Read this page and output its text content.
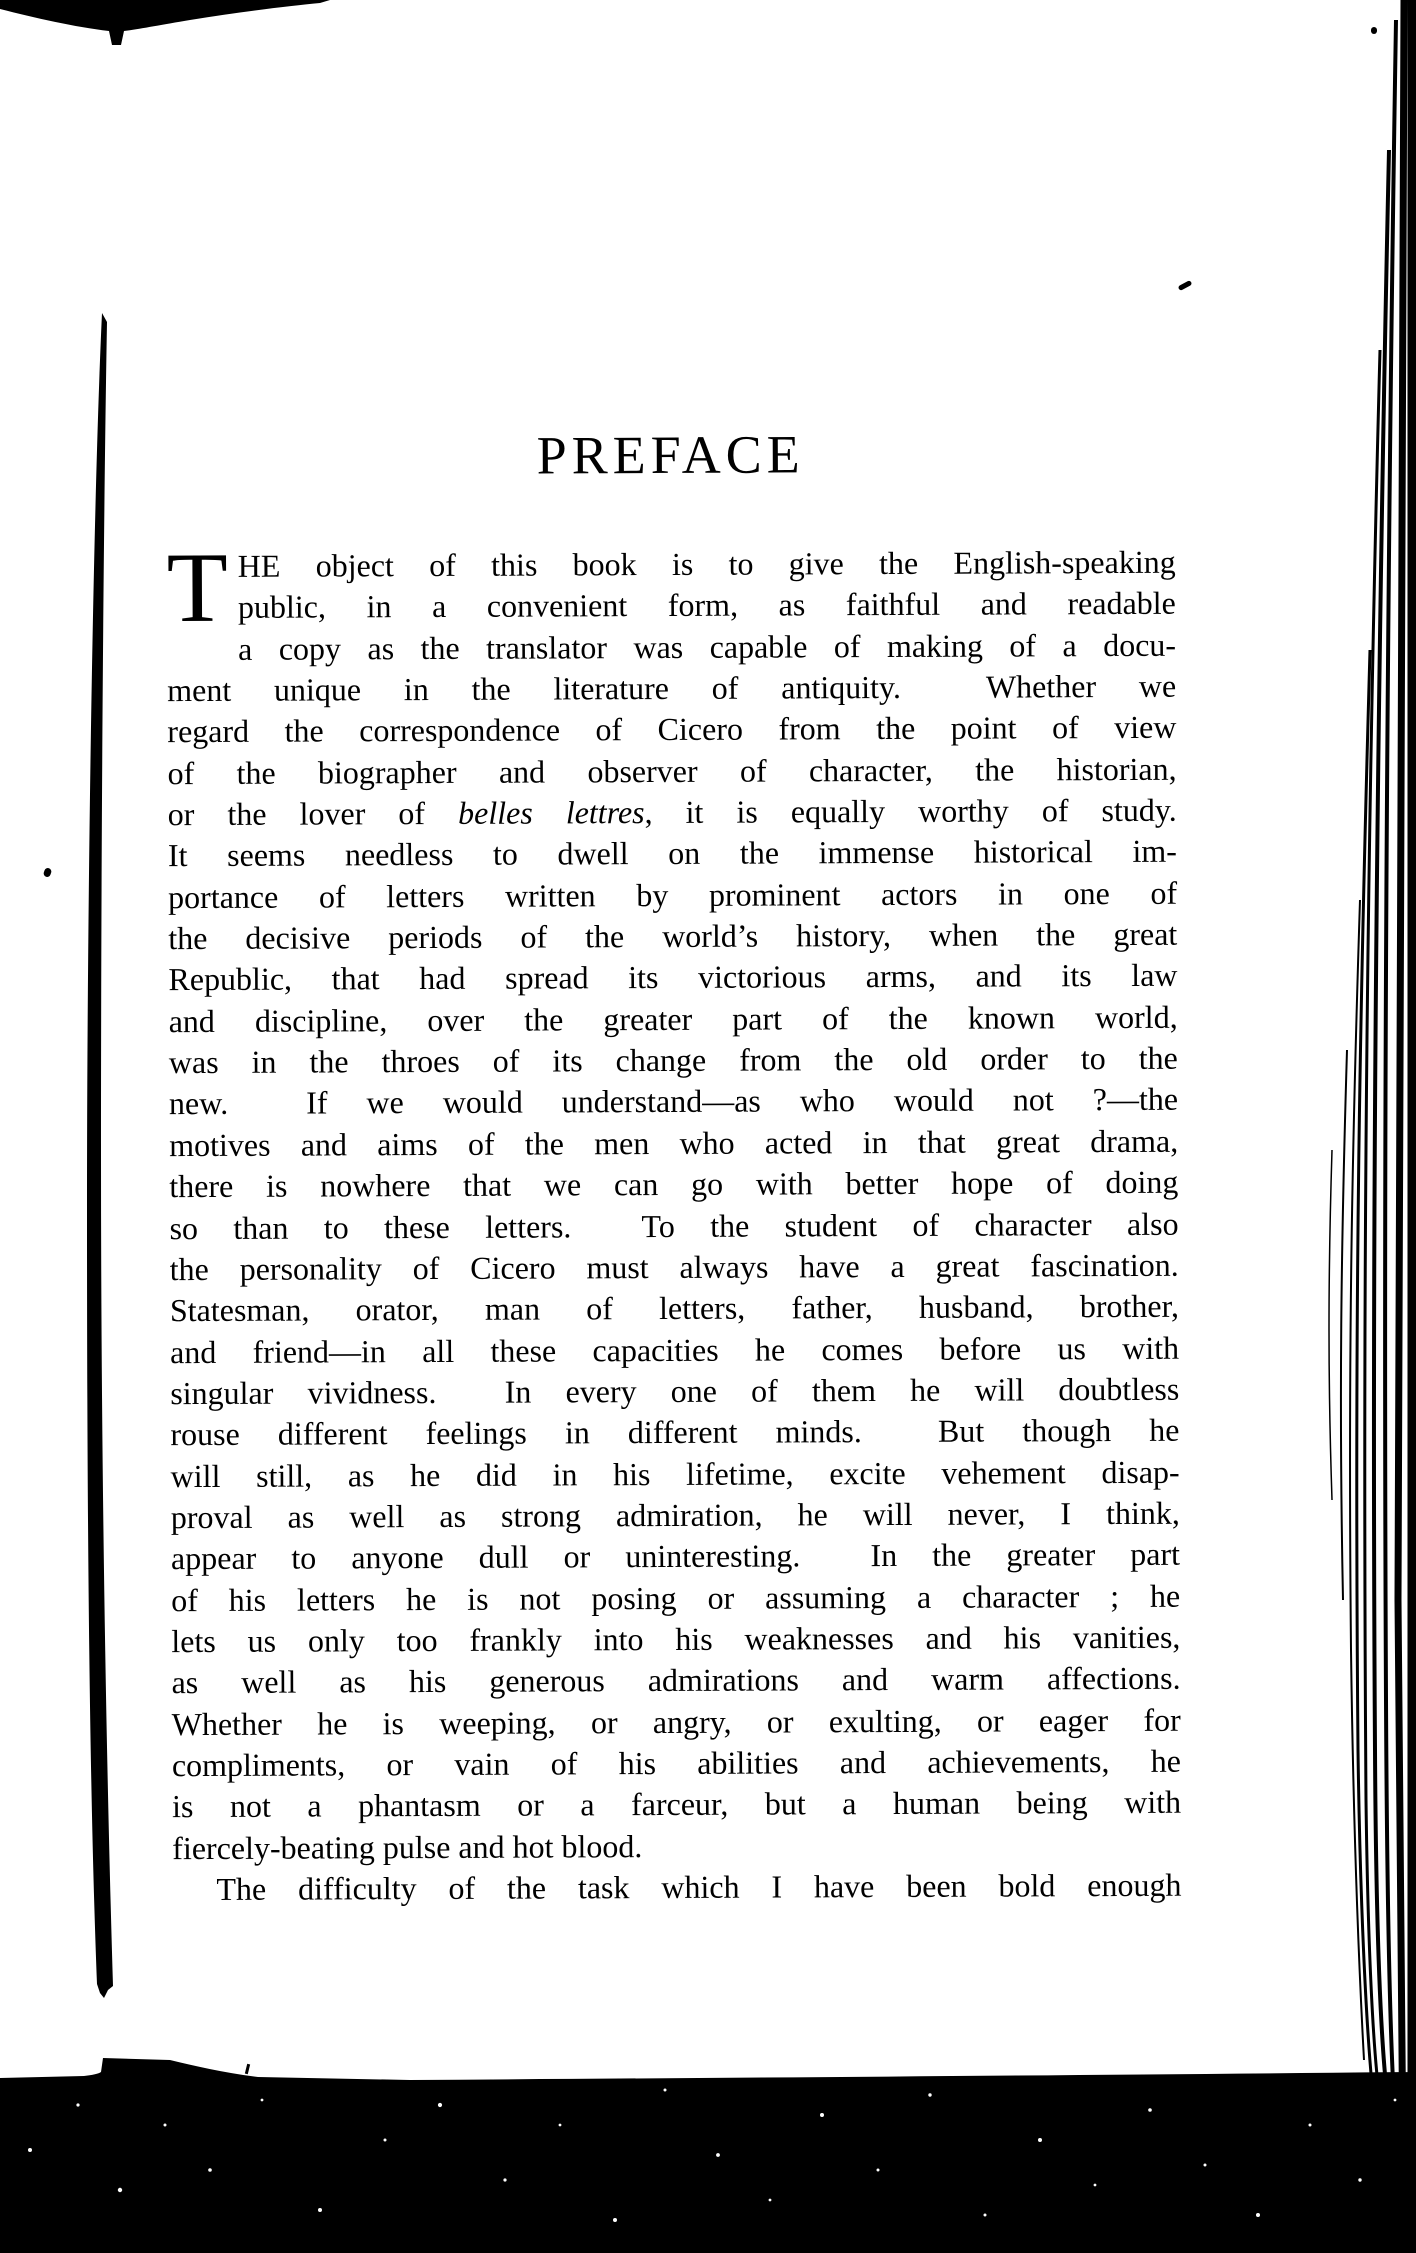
PREFACE
T HE object of this book is to give the English-speaking
public, in a convenient form, as faithful and readable
a copy as the translator was capable of making of a docu-
ment unique in the literature of antiquity.  Whether we
regard the correspondence of Cicero from the point of view
of the biographer and observer of character, the historian,
or the lover of belles lettres, it is equally worthy of study.
It seems needless to dwell on the immense historical im-
portance of letters written by prominent actors in one of
the decisive periods of the world’s history, when the great
Republic, that had spread its victorious arms, and its law
and discipline, over the greater part of the known world,
was in the throes of its change from the old order to the
new.  If we would understand—as who would not ?—the
motives and aims of the men who acted in that great drama,
there is nowhere that we can go with better hope of doing
so than to these letters.  To the student of character also
the personality of Cicero must always have a great fascination.
Statesman, orator, man of letters, father, husband, brother,
and friend—in all these capacities he comes before us with
singular vividness.  In every one of them he will doubtless
rouse different feelings in different minds.  But though he
will still, as he did in his lifetime, excite vehement disap-
proval as well as strong admiration, he will never, I think,
appear to anyone dull or uninteresting.  In the greater part
of his letters he is not posing or assuming a character ; he
lets us only too frankly into his weaknesses and his vanities,
as well as his generous admirations and warm affections.
Whether he is weeping, or angry, or exulting, or eager for
compliments, or vain of his abilities and achievements, he
is not a phantasm or a farceur, but a human being with
fiercely-beating pulse and hot blood.
The difficulty of the task which I have been bold enough
